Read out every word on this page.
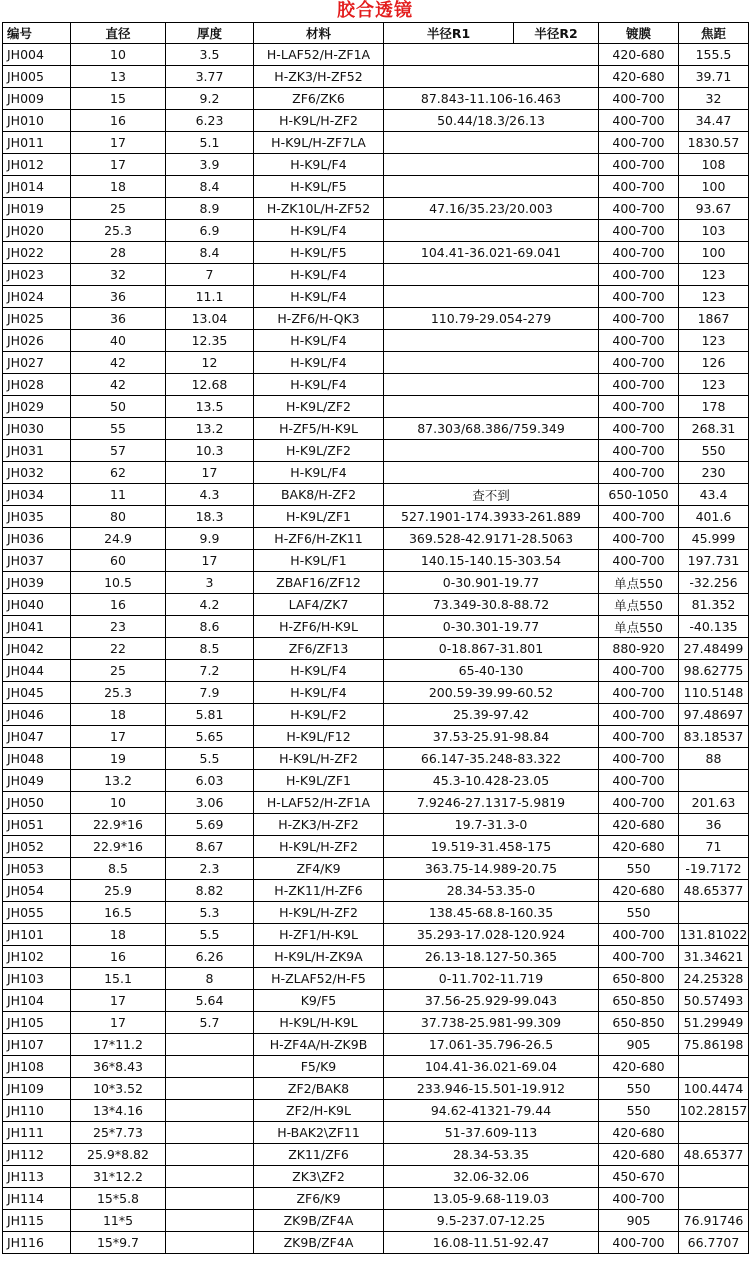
胶合透镜
编号	直径	厚度	材料	半径R1	半径R2	镀膜	焦距
JH004	10	3.5	H-LAF52/H-ZF1A			420-680	155.5
JH005	13	3.77	H-ZK3/H-ZF52			420-680	39.71
JH009	15	9.2	ZF6/ZK6	87.843-11.106-16.463		400-700	32
JH010	16	6.23	H-K9L/H-ZF2	50.44/18.3/26.13		400-700	34.47
JH011	17	5.1	H-K9L/H-ZF7LA			400-700	1830.57
JH012	17	3.9	H-K9L/F4			400-700	108
JH014	18	8.4	H-K9L/F5			400-700	100
JH019	25	8.9	H-ZK10L/H-ZF52	47.16/35.23/20.003		400-700	93.67
JH020	25.3	6.9	H-K9L/F4			400-700	103
JH022	28	8.4	H-K9L/F5	104.41-36.021-69.041		400-700	100
JH023	32	7	H-K9L/F4			400-700	123
JH024	36	11.1	H-K9L/F4			400-700	123
JH025	36	13.04	H-ZF6/H-QK3	110.79-29.054-279		400-700	1867
JH026	40	12.35	H-K9L/F4			400-700	123
JH027	42	12	H-K9L/F4			400-700	126
JH028	42	12.68	H-K9L/F4			400-700	123
JH029	50	13.5	H-K9L/ZF2			400-700	178
JH030	55	13.2	H-ZF5/H-K9L	87.303/68.386/759.349		400-700	268.31
JH031	57	10.3	H-K9L/ZF2			400-700	550
JH032	62	17	H-K9L/F4			400-700	230
JH034	11	4.3	BAK8/H-ZF2	查不到		650-1050	43.4
JH035	80	18.3	H-K9L/ZF1	527.1901-174.3933-261.889		400-700	401.6
JH036	24.9	9.9	H-ZF6/H-ZK11	369.528-42.9171-28.5063		400-700	45.999
JH037	60	17	H-K9L/F1	140.15-140.15-303.54		400-700	197.731
JH039	10.5	3	ZBAF16/ZF12	0-30.901-19.77		单点550	-32.256
JH040	16	4.2	LAF4/ZK7	73.349-30.8-88.72		单点550	81.352
JH041	23	8.6	H-ZF6/H-K9L	0-30.301-19.77		单点550	-40.135
JH042	22	8.5	ZF6/ZF13	0-18.867-31.801		880-920	27.48499
JH044	25	7.2	H-K9L/F4	65-40-130		400-700	98.62775
JH045	25.3	7.9	H-K9L/F4	200.59-39.99-60.52		400-700	110.5148
JH046	18	5.81	H-K9L/F2	25.39-97.42		400-700	97.48697
JH047	17	5.65	H-K9L/F12	37.53-25.91-98.84		400-700	83.18537
JH048	19	5.5	H-K9L/H-ZF2	66.147-35.248-83.322		400-700	88
JH049	13.2	6.03	H-K9L/ZF1	45.3-10.428-23.05		400-700	
JH050	10	3.06	H-LAF52/H-ZF1A	7.9246-27.1317-5.9819		400-700	201.63
JH051	22.9*16	5.69	H-ZK3/H-ZF2	19.7-31.3-0		420-680	36
JH052	22.9*16	8.67	H-K9L/H-ZF2	19.519-31.458-175		420-680	71
JH053	8.5	2.3	ZF4/K9	363.75-14.989-20.75		550	-19.7172
JH054	25.9	8.82	H-ZK11/H-ZF6	28.34-53.35-0		420-680	48.65377
JH055	16.5	5.3	H-K9L/H-ZF2	138.45-68.8-160.35		550	
JH101	18	5.5	H-ZF1/H-K9L	35.293-17.028-120.924		400-700	131.81022
JH102	16	6.26	H-K9L/H-ZK9A	26.13-18.127-50.365		400-700	31.34621
JH103	15.1	8	H-ZLAF52/H-F5	0-11.702-11.719		650-800	24.25328
JH104	17	5.64	K9/F5	37.56-25.929-99.043		650-850	50.57493
JH105	17	5.7	H-K9L/H-K9L	37.738-25.981-99.309		650-850	51.29949
JH107	17*11.2		H-ZF4A/H-ZK9B	17.061-35.796-26.5		905	75.86198
JH108	36*8.43		F5/K9	104.41-36.021-69.04		420-680	
JH109	10*3.52		ZF2/BAK8	233.946-15.501-19.912		550	100.4474
JH110	13*4.16		ZF2/H-K9L	94.62-41321-79.44		550	102.28157
JH111	25*7.73		H-BAK2\ZF11	51-37.609-113		420-680	
JH112	25.9*8.82		ZK11/ZF6	28.34-53.35		420-680	48.65377
JH113	31*12.2		ZK3\ZF2	32.06-32.06		450-670	
JH114	15*5.8		ZF6/K9	13.05-9.68-119.03		400-700	
JH115	11*5		ZK9B/ZF4A	9.5-237.07-12.25		905	76.91746
JH116	15*9.7		ZK9B/ZF4A	16.08-11.51-92.47		400-700	66.7707
